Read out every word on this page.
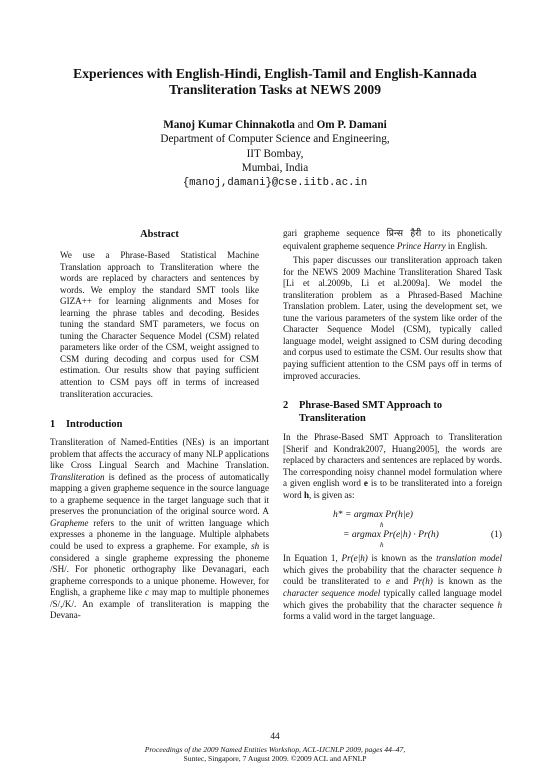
Experiences with English-Hindi, English-Tamil and English-Kannada
Transliteration Tasks at NEWS 2009
Manoj Kumar Chinnakotla and Om P. Damani
Department of Computer Science and Engineering,
IIT Bombay,
Mumbai, India
{manoj,damani}@cse.iitb.ac.in
Abstract

We use a Phrase-Based Statistical Machine Translation approach to Transliteration where the words are replaced by characters and sentences by words. We employ the standard SMT tools like GIZA++ for learning alignments and Moses for learning the phrase tables and decoding. Besides tuning the standard SMT parameters, we focus on tuning the Character Sequence Model (CSM) related parameters like order of the CSM, weight assigned to CSM during decoding and corpus used for CSM estimation. Our results show that paying sufficient attention to CSM pays off in terms of increased transliteration accuracies.

1	Introduction

Transliteration of Named-Entities (NEs) is an important problem that affects the accuracy of many NLP applications like Cross Lingual Search and Machine Translation. Transliteration is defined as the process of automatically mapping a given grapheme sequence in the source language to a grapheme sequence in the target language such that it preserves the pronunciation of the original source word. A Grapheme refers to the unit of written language which expresses a phoneme in the language. Multiple alphabets could be used to express a grapheme. For example, sh is considered a single grapheme expressing the phoneme /SH/. For phonetic orthography like Devanagari, each grapheme corresponds to a unique phoneme. However, for English, a grapheme like c may map to multiple phonemes /S/,/K/. An example of transliteration is mapping the Devana-

gari grapheme sequence प्रिन्स हैरी to its phonetically equivalent grapheme sequence Prince Harry in English.

This paper discusses our transliteration approach taken for the NEWS 2009 Machine Transliteration Shared Task [Li et al.2009b, Li et al.2009a]. We model the transliteration problem as a Phrased-Based Machine Translation problem. Later, using the development set, we tune the various parameters of the system like order of the Character Sequence Model (CSM), typically called language model, weight assigned to CSM during decoding and corpus used to estimate the CSM. Our results show that paying sufficient attention to the CSM pays off in terms of improved accuracies.

2	Phrase-Based SMT Approach to
Transliteration

In the Phrase-Based SMT Approach to Transliteration [Sherif and Kondrak2007, Huang2005], the words are replaced by characters and sentences are replaced by words. The corresponding noisy channel model formulation where a given english word e is to be transliterated into a foreign word h, is given as:

h* = argmax Pr(h|e)
h
= argmax Pr(e|h) · Pr(h)
h
(1)

In Equation 1, Pr(e|h) is known as the translation model which gives the probability that the character sequence h could be transliterated to e and Pr(h) is known as the character sequence model typically called language model which gives the probability that the character sequence h forms a valid word in the target language.

44
Proceedings of the 2009 Named Entities Workshop, ACL-IJCNLP 2009, pages 44–47,
Suntec, Singapore, 7 August 2009. ©2009 ACL and AFNLP
